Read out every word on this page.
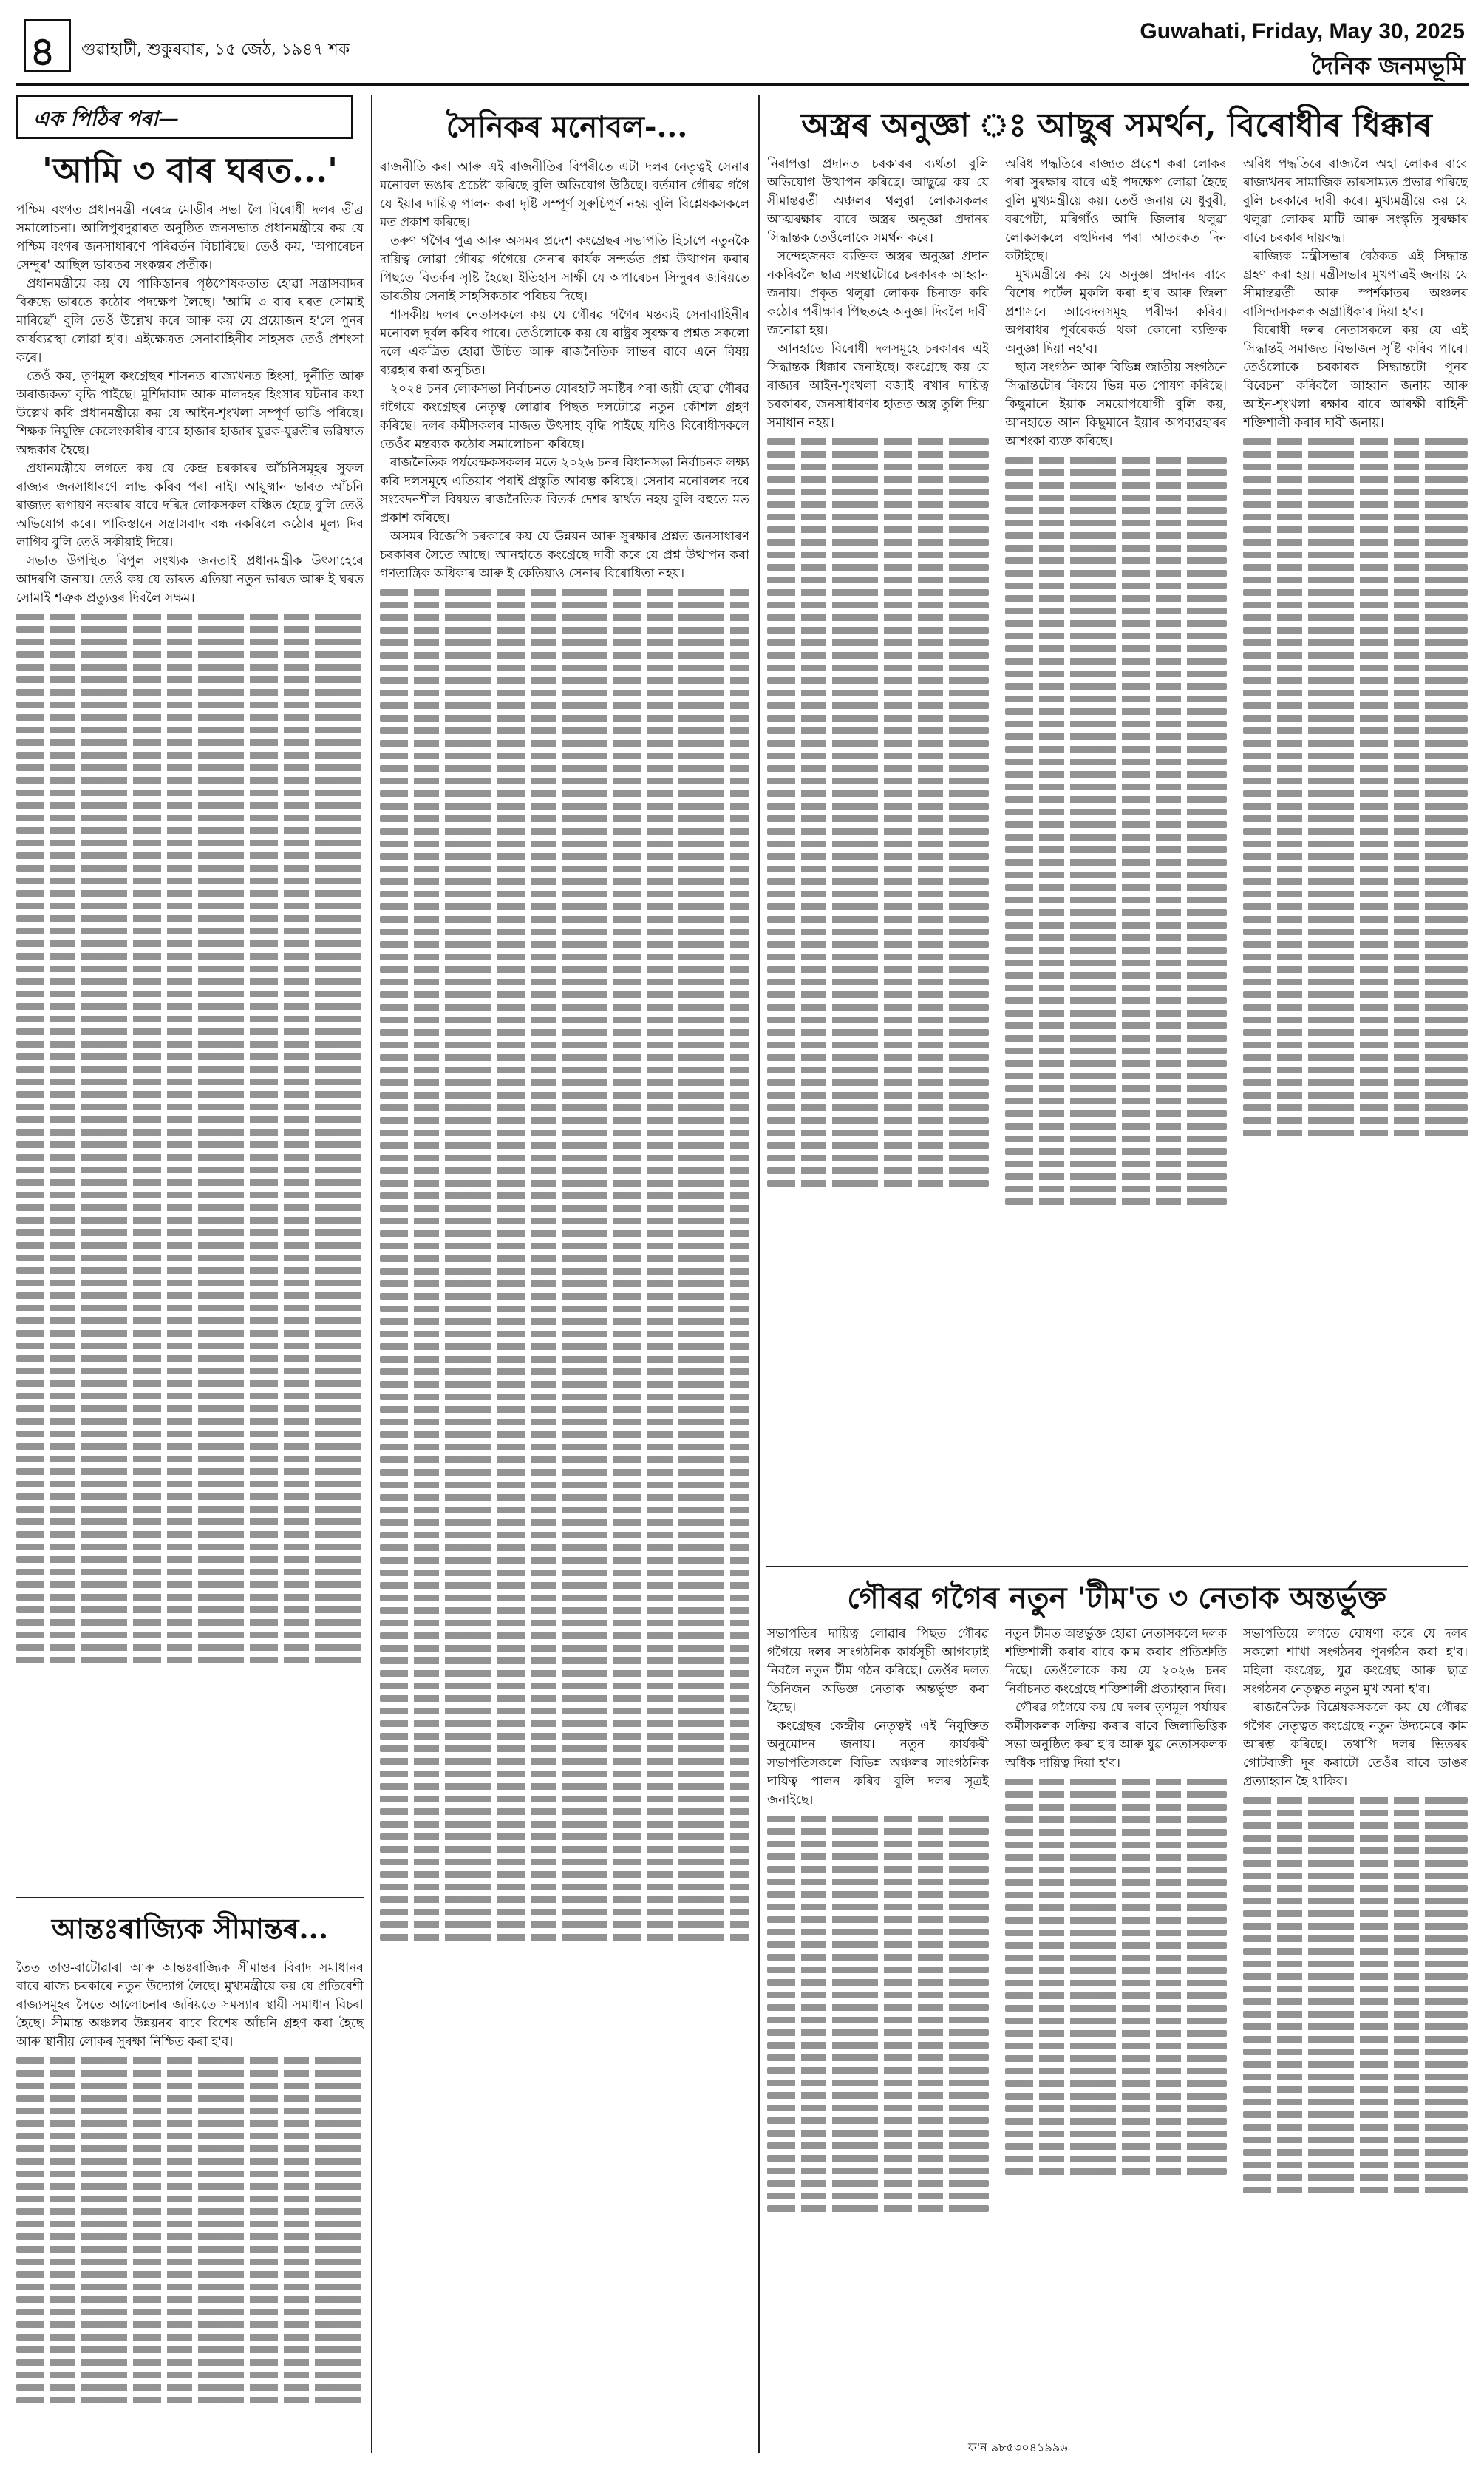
৪ গুৱাহাটী, শুকুৰবাৰ, ১৫ জেঠ, ১৯৪৭ শক
Guwahati, Friday, May 30, 2025
দৈনিক জনমভূমি
এক পিঠিৰ পৰা—
'আমি ৩ বাৰ ঘৰত...'

পশ্চিম বংগত প্ৰধানমন্ত্ৰী নৰেন্দ্ৰ মোডীৰ সভা লৈ বিৰোধী দলৰ তীব্ৰ সমালোচনা। আলিপুৰদুৱাৰত অনুষ্ঠিত জনসভাত প্ৰধানমন্ত্ৰীয়ে কয় যে পশ্চিম বংগৰ জনসাধাৰণে পৰিৱৰ্তন বিচাৰিছে। তেওঁ কয়, 'অপাৰেচন সেন্দুৰ' আছিল ভাৰতৰ সংকল্পৰ প্ৰতীক।

প্ৰধানমন্ত্ৰীয়ে কয় যে পাকিস্তানৰ পৃষ্ঠপোষকতাত হোৱা সন্ত্ৰাসবাদৰ বিৰুদ্ধে ভাৰতে কঠোৰ পদক্ষেপ লৈছে। 'আমি ৩ বাৰ ঘৰত সোমাই মাৰিছোঁ' বুলি তেওঁ উল্লেখ কৰে আৰু কয় যে প্ৰয়োজন হ'লে পুনৰ কাৰ্যব্যৱস্থা লোৱা হ'ব। এইক্ষেত্ৰত সেনাবাহিনীৰ সাহসক তেওঁ প্ৰশংসা কৰে।

তেওঁ কয়, তৃণমূল কংগ্ৰেছৰ শাসনত ৰাজ্যখনত হিংসা, দুৰ্নীতি আৰু অৰাজকতা বৃদ্ধি পাইছে। মুৰ্শিদাবাদ আৰু মালদহৰ হিংসাৰ ঘটনাৰ কথা উল্লেখ কৰি প্ৰধানমন্ত্ৰীয়ে কয় যে আইন-শৃংখলা সম্পূৰ্ণ ভাঙি পৰিছে। শিক্ষক নিযুক্তি কেলেংকাৰীৰ বাবে হাজাৰ হাজাৰ যুৱক-যুৱতীৰ ভৱিষ্যত অন্ধকাৰ হৈছে।

প্ৰধানমন্ত্ৰীয়ে লগতে কয় যে কেন্দ্ৰ চৰকাৰৰ আঁচনিসমূহৰ সুফল ৰাজ্যৰ জনসাধাৰণে লাভ কৰিব পৰা নাই। আয়ুষ্মান ভাৰত আঁচনি ৰাজ্যত ৰূপায়ণ নকৰাৰ বাবে দৰিদ্ৰ লোকসকল বঞ্চিত হৈছে বুলি তেওঁ অভিযোগ কৰে। পাকিস্তানে সন্ত্ৰাসবাদ বন্ধ নকৰিলে কঠোৰ মূল্য দিব লাগিব বুলি তেওঁ সকীয়াই দিয়ে।

সভাত উপস্থিত বিপুল সংখ্যক জনতাই প্ৰধানমন্ত্ৰীক উৎসাহেৰে আদৰণি জনায়। তেওঁ কয় যে ভাৰত এতিয়া নতুন ভাৰত আৰু ই ঘৰত সোমাই শত্ৰুক প্ৰত্যুত্তৰ দিবলৈ সক্ষম।

আন্তঃৰাজ্যিক সীমান্তৰ...

তৈত তাও-বাটোৱাৰা আৰু আন্তঃৰাজ্যিক সীমান্তৰ বিবাদ সমাধানৰ বাবে ৰাজ্য চৰকাৰে নতুন উদ্যোগ লৈছে। মুখ্যমন্ত্ৰীয়ে কয় যে প্ৰতিবেশী ৰাজ্যসমূহৰ সৈতে আলোচনাৰ জৰিয়তে সমস্যাৰ স্থায়ী সমাধান বিচৰা হৈছে। সীমান্ত অঞ্চলৰ উন্নয়নৰ বাবে বিশেষ আঁচনি গ্ৰহণ কৰা হৈছে আৰু স্থানীয় লোকৰ সুৰক্ষা নিশ্চিত কৰা হ'ব।

সৈনিকৰ মনোবল-...

ৰাজনীতি কৰা আৰু এই ৰাজনীতিৰ বিপৰীতে এটা দলৰ নেতৃত্বই সেনাৰ মনোবল ভঙাৰ প্ৰচেষ্টা কৰিছে বুলি অভিযোগ উঠিছে। বৰ্তমান গৌৰৱ গগৈ যে ইয়াৰ দায়িত্ব পালন কৰা দৃষ্টি সম্পূৰ্ণ সুৰুচিপূৰ্ণ নহয় বুলি বিশ্লেষকসকলে মত প্ৰকাশ কৰিছে।

তৰুণ গগৈৰ পুত্ৰ আৰু অসমৰ প্ৰদেশ কংগ্ৰেছৰ সভাপতি হিচাপে নতুনকৈ দায়িত্ব লোৱা গৌৰৱ গগৈয়ে সেনাৰ কাৰ্যক সন্দৰ্ভত প্ৰশ্ন উত্থাপন কৰাৰ পিছতে বিতৰ্কৰ সৃষ্টি হৈছে। ইতিহাস সাক্ষী যে অপাৰেচন সিন্দুৰৰ জৰিয়তে ভাৰতীয় সেনাই সাহসিকতাৰ পৰিচয় দিছে।

শাসকীয় দলৰ নেতাসকলে কয় যে গৌৰৱ গগৈৰ মন্তব্যই সেনাবাহিনীৰ মনোবল দুৰ্বল কৰিব পাৰে। তেওঁলোকে কয় যে ৰাষ্ট্ৰৰ সুৰক্ষাৰ প্ৰশ্নত সকলো দলে একত্ৰিত হোৱা উচিত আৰু ৰাজনৈতিক লাভৰ বাবে এনে বিষয় ব্যৱহাৰ কৰা অনুচিত।

২০২৪ চনৰ লোকসভা নিৰ্বাচনত যোৰহাট সমষ্টিৰ পৰা জয়ী হোৱা গৌৰৱ গগৈয়ে কংগ্ৰেছৰ নেতৃত্ব লোৱাৰ পিছত দলটোৱে নতুন কৌশল গ্ৰহণ কৰিছে। দলৰ কৰ্মীসকলৰ মাজত উৎসাহ বৃদ্ধি পাইছে যদিও বিৰোধীসকলে তেওঁৰ মন্তব্যক কঠোৰ সমালোচনা কৰিছে।

ৰাজনৈতিক পৰ্যবেক্ষকসকলৰ মতে ২০২৬ চনৰ বিধানসভা নিৰ্বাচনক লক্ষ্য কৰি দলসমূহে এতিয়াৰ পৰাই প্ৰস্তুতি আৰম্ভ কৰিছে। সেনাৰ মনোবলৰ দৰে সংবেদনশীল বিষয়ত ৰাজনৈতিক বিতৰ্ক দেশৰ স্বাৰ্থত নহয় বুলি বহুতে মত প্ৰকাশ কৰিছে।

অসমৰ বিজেপি চৰকাৰে কয় যে উন্নয়ন আৰু সুৰক্ষাৰ প্ৰশ্নত জনসাধাৰণ চৰকাৰৰ সৈতে আছে। আনহাতে কংগ্ৰেছে দাবী কৰে যে প্ৰশ্ন উত্থাপন কৰা গণতান্ত্ৰিক অধিকাৰ আৰু ই কেতিয়াও সেনাৰ বিৰোধিতা নহয়।

ফ'ন ৯৮৫৩০৪১৯৯৬
অস্ত্ৰৰ অনুজ্ঞা ঃ আছুৰ সমৰ্থন, বিৰোধীৰ ধিক্কাৰ

নিৰাপত্তা প্ৰদানত চৰকাৰৰ ব্যৰ্থতা বুলি অভিযোগ উত্থাপন কৰিছে। আছুৱে কয় যে সীমান্তৱৰ্তী অঞ্চলৰ থলুৱা লোকসকলৰ আত্মৰক্ষাৰ বাবে অস্ত্ৰৰ অনুজ্ঞা প্ৰদানৰ সিদ্ধান্তক তেওঁলোকে সমৰ্থন কৰে।

সন্দেহজনক ব্যক্তিক অস্ত্ৰৰ অনুজ্ঞা প্ৰদান নকৰিবলৈ ছাত্ৰ সংস্থাটোৱে চৰকাৰক আহ্বান জনায়। প্ৰকৃত থলুৱা লোকক চিনাক্ত কৰি কঠোৰ পৰীক্ষাৰ পিছতহে অনুজ্ঞা দিবলৈ দাবী জনোৱা হয়।

আনহাতে বিৰোধী দলসমূহে চৰকাৰৰ এই সিদ্ধান্তক ধিক্কাৰ জনাইছে। কংগ্ৰেছে কয় যে ৰাজ্যৰ আইন-শৃংখলা বজাই ৰখাৰ দায়িত্ব চৰকাৰৰ, জনসাধাৰণৰ হাতত অস্ত্ৰ তুলি দিয়া সমাধান নহয়।

অবিধ পদ্ধতিৰে ৰাজ্যত প্ৰৱেশ কৰা লোকৰ পৰা সুৰক্ষাৰ বাবে এই পদক্ষেপ লোৱা হৈছে বুলি মুখ্যমন্ত্ৰীয়ে কয়। তেওঁ জনায় যে ধুবুৰী, বৰপেটা, মৰিগাঁও আদি জিলাৰ থলুৱা লোকসকলে বহুদিনৰ পৰা আতংকত দিন কটাইছে।

মুখ্যমন্ত্ৰীয়ে কয় যে অনুজ্ঞা প্ৰদানৰ বাবে বিশেষ পৰ্টেল মুকলি কৰা হ'ব আৰু জিলা প্ৰশাসনে আবেদনসমূহ পৰীক্ষা কৰিব। অপৰাধৰ পূৰ্বৰেকৰ্ড থকা কোনো ব্যক্তিক অনুজ্ঞা দিয়া নহ'ব।

ছাত্ৰ সংগঠন আৰু বিভিন্ন জাতীয় সংগঠনে সিদ্ধান্তটোৰ বিষয়ে ভিন্ন মত পোষণ কৰিছে। কিছুমানে ইয়াক সময়োপযোগী বুলি কয়, আনহাতে আন কিছুমানে ইয়াৰ অপব্যৱহাৰৰ আশংকা ব্যক্ত কৰিছে।

অবিধ পদ্ধতিৰে ৰাজ্যলৈ অহা লোকৰ বাবে ৰাজ্যখনৰ সামাজিক ভাৰসাম্যত প্ৰভাৱ পৰিছে বুলি চৰকাৰে দাবী কৰে। মুখ্যমন্ত্ৰীয়ে কয় যে থলুৱা লোকৰ মাটি আৰু সংস্কৃতি সুৰক্ষাৰ বাবে চৰকাৰ দায়বদ্ধ।

ৰাজ্যিক মন্ত্ৰীসভাৰ বৈঠকত এই সিদ্ধান্ত গ্ৰহণ কৰা হয়। মন্ত্ৰীসভাৰ মুখপাত্ৰই জনায় যে সীমান্তৱৰ্তী আৰু স্পৰ্শকাতৰ অঞ্চলৰ বাসিন্দাসকলক অগ্ৰাধিকাৰ দিয়া হ'ব।

বিৰোধী দলৰ নেতাসকলে কয় যে এই সিদ্ধান্তই সমাজত বিভাজন সৃষ্টি কৰিব পাৰে। তেওঁলোকে চৰকাৰক সিদ্ধান্তটো পুনৰ বিবেচনা কৰিবলৈ আহ্বান জনায় আৰু আইন-শৃংখলা ৰক্ষাৰ বাবে আৰক্ষী বাহিনী শক্তিশালী কৰাৰ দাবী জনায়।

গৌৰৱ গগৈৰ নতুন 'টীম'ত ৩ নেতাক অন্তৰ্ভুক্ত

সভাপতিৰ দায়িত্ব লোৱাৰ পিছত গৌৰৱ গগৈয়ে দলৰ সাংগঠনিক কাৰ্যসূচী আগবঢ়াই নিবলৈ নতুন টীম গঠন কৰিছে। তেওঁৰ দলত তিনিজন অভিজ্ঞ নেতাক অন্তৰ্ভুক্ত কৰা হৈছে।

কংগ্ৰেছৰ কেন্দ্ৰীয় নেতৃত্বই এই নিযুক্তিত অনুমোদন জনায়। নতুন কাৰ্যকৰী সভাপতিসকলে বিভিন্ন অঞ্চলৰ সাংগঠনিক দায়িত্ব পালন কৰিব বুলি দলৰ সূত্ৰই জনাইছে।

নতুন টীমত অন্তৰ্ভুক্ত হোৱা নেতাসকলে দলক শক্তিশালী কৰাৰ বাবে কাম কৰাৰ প্ৰতিশ্ৰুতি দিছে। তেওঁলোকে কয় যে ২০২৬ চনৰ নিৰ্বাচনত কংগ্ৰেছে শক্তিশালী প্ৰত্যাহ্বান দিব।

গৌৰৱ গগৈয়ে কয় যে দলৰ তৃণমূল পৰ্যায়ৰ কৰ্মীসকলক সক্ৰিয় কৰাৰ বাবে জিলাভিত্তিক সভা অনুষ্ঠিত কৰা হ'ব আৰু যুৱ নেতাসকলক অধিক দায়িত্ব দিয়া হ'ব।

সভাপতিয়ে লগতে ঘোষণা কৰে যে দলৰ সকলো শাখা সংগঠনৰ পুনৰ্গঠন কৰা হ'ব। মহিলা কংগ্ৰেছ, যুৱ কংগ্ৰেছ আৰু ছাত্ৰ সংগঠনৰ নেতৃত্বত নতুন মুখ অনা হ'ব।

ৰাজনৈতিক বিশ্লেষকসকলে কয় যে গৌৰৱ গগৈৰ নেতৃত্বত কংগ্ৰেছে নতুন উদ্যমেৰে কাম আৰম্ভ কৰিছে। তথাপি দলৰ ভিতৰৰ গোটবাজী দূৰ কৰাটো তেওঁৰ বাবে ডাঙৰ প্ৰত্যাহ্বান হৈ থাকিব।
